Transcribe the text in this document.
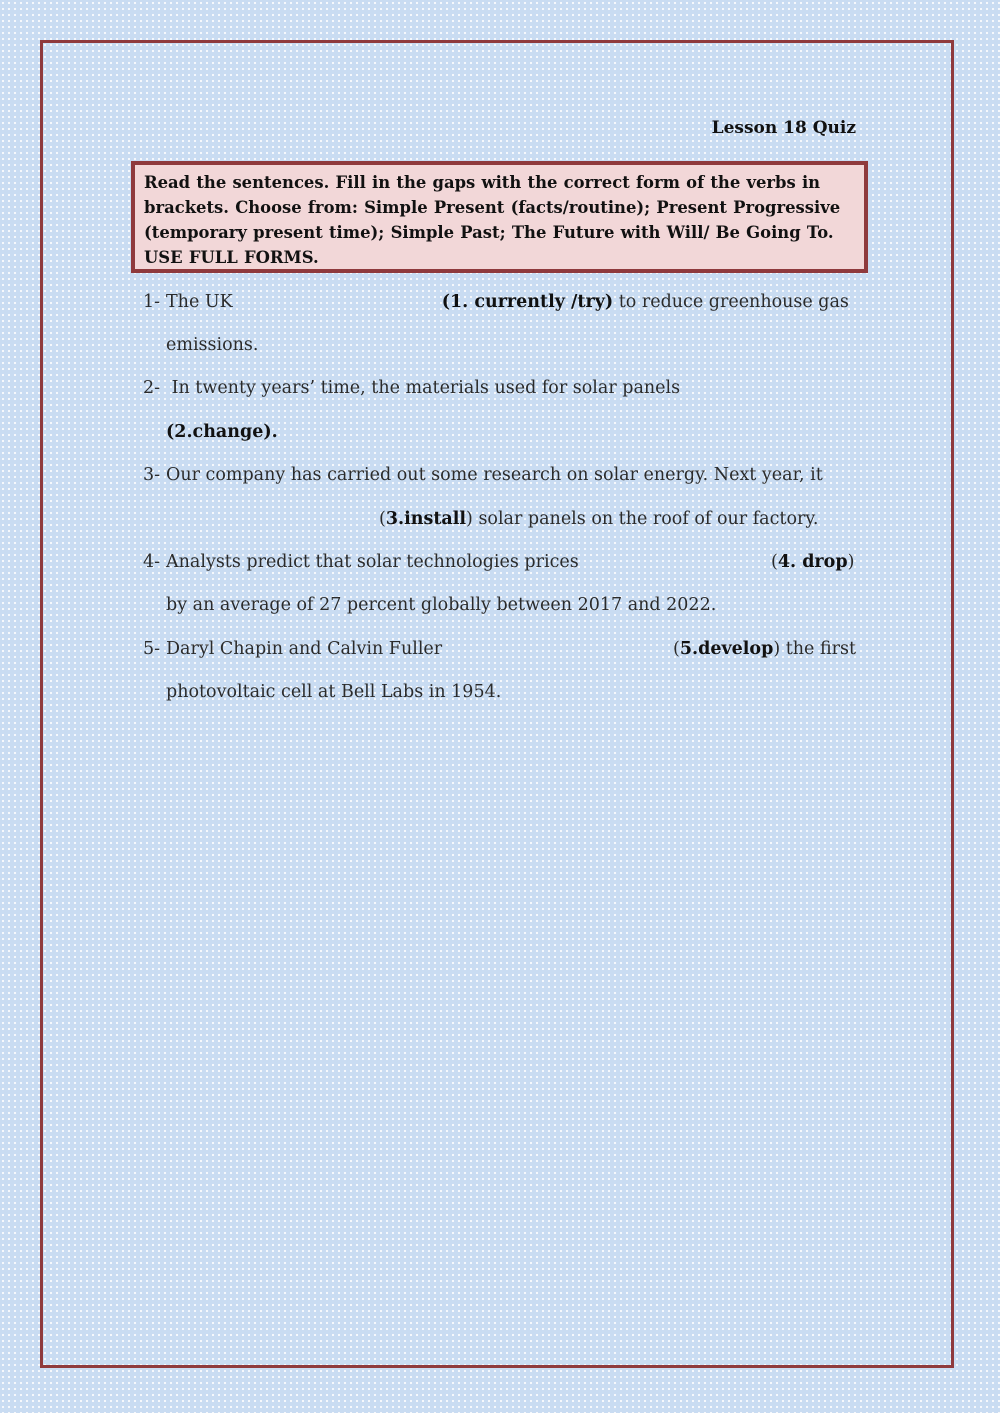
Lesson 18 Quiz
Read the sentences. Fill in the gaps with the correct form of the verbs in brackets. Choose from: Simple Present (facts/routine); Present Progressive (temporary present time); Simple Past; The Future with Will/ Be Going To. USE FULL FORMS.
1- The UK	(1. currently /try) to reduce greenhouse gas
emissions.
2- In twenty years’ time, the materials used for solar panels
(2.change).
3- Our company has carried out some research on solar energy. Next year, it
(3.install) solar panels on the roof of our factory.
4- Analysts predict that solar technologies prices	(4. drop)
by an average of 27 percent globally between 2017 and 2022.
5- Daryl Chapin and Calvin Fuller	(5.develop) the first
photovoltaic cell at Bell Labs in 1954.
